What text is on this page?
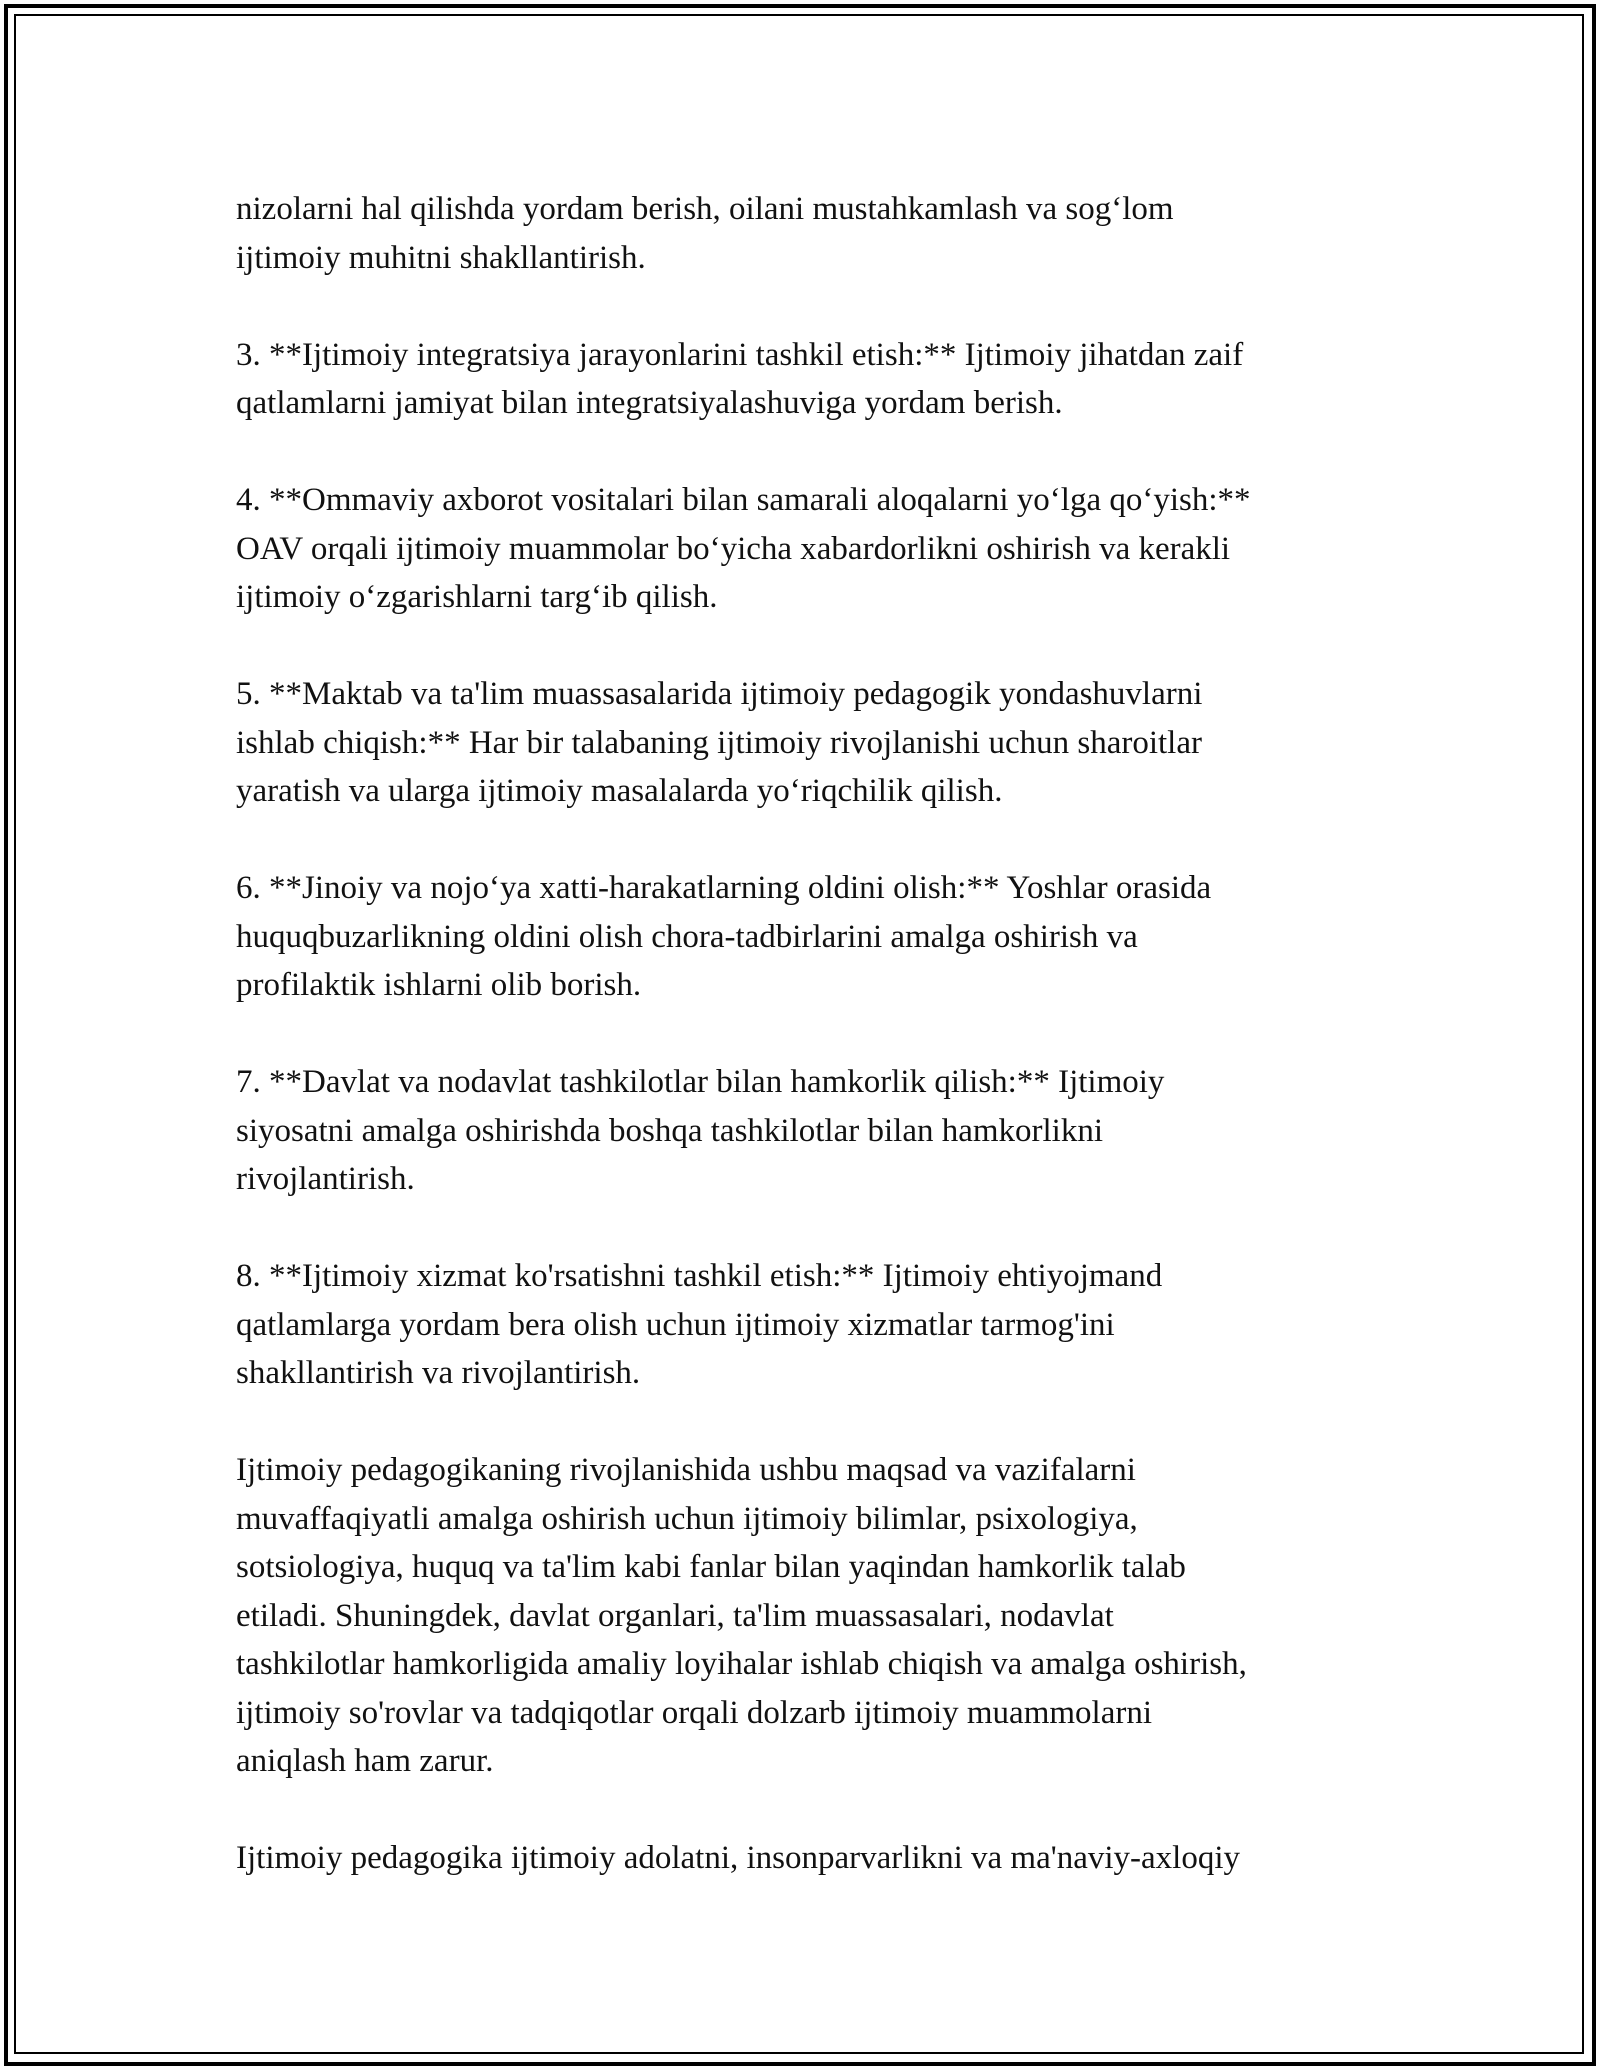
nizolarni hal qilishda yordam berish, oilani mustahkamlash va sog‘lom
ijtimoiy muhitni shakllantirish.

3. **Ijtimoiy integratsiya jarayonlarini tashkil etish:** Ijtimoiy jihatdan zaif
qatlamlarni jamiyat bilan integratsiyalashuviga yordam berish.

4. **Ommaviy axborot vositalari bilan samarali aloqalarni yo‘lga qo‘yish:**
OAV orqali ijtimoiy muammolar bo‘yicha xabardorlikni oshirish va kerakli
ijtimoiy o‘zgarishlarni targ‘ib qilish.

5. **Maktab va ta'lim muassasalarida ijtimoiy pedagogik yondashuvlarni
ishlab chiqish:** Har bir talabaning ijtimoiy rivojlanishi uchun sharoitlar
yaratish va ularga ijtimoiy masalalarda yo‘riqchilik qilish.

6. **Jinoiy va nojo‘ya xatti-harakatlarning oldini olish:** Yoshlar orasida
huquqbuzarlikning oldini olish chora-tadbirlarini amalga oshirish va
profilaktik ishlarni olib borish.

7. **Davlat va nodavlat tashkilotlar bilan hamkorlik qilish:** Ijtimoiy
siyosatni amalga oshirishda boshqa tashkilotlar bilan hamkorlikni
rivojlantirish.

8. **Ijtimoiy xizmat ko'rsatishni tashkil etish:** Ijtimoiy ehtiyojmand
qatlamlarga yordam bera olish uchun ijtimoiy xizmatlar tarmog'ini
shakllantirish va rivojlantirish.

Ijtimoiy pedagogikaning rivojlanishida ushbu maqsad va vazifalarni
muvaffaqiyatli amalga oshirish uchun ijtimoiy bilimlar, psixologiya,
sotsiologiya, huquq va ta'lim kabi fanlar bilan yaqindan hamkorlik talab
etiladi. Shuningdek, davlat organlari, ta'lim muassasalari, nodavlat
tashkilotlar hamkorligida amaliy loyihalar ishlab chiqish va amalga oshirish,
ijtimoiy so'rovlar va tadqiqotlar orqali dolzarb ijtimoiy muammolarni
aniqlash ham zarur.

Ijtimoiy pedagogika ijtimoiy adolatni, insonparvarlikni va ma'naviy-axloqiy
